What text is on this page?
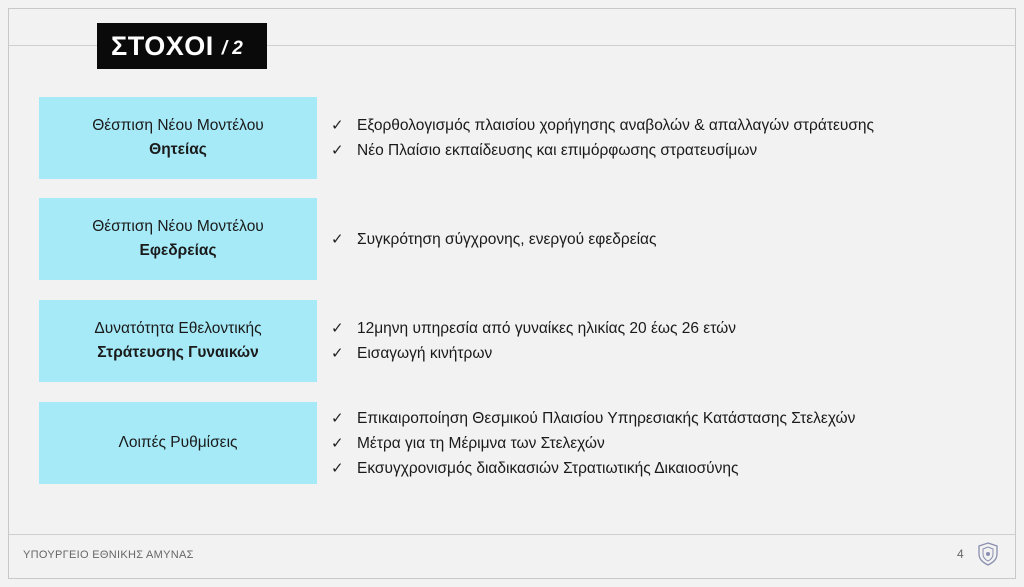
ΣΤΟΧΟΙ / 2
Θέσπιση Νέου Μοντέλου
Θητείας
✓ Εξορθολογισμός πλαισίου χορήγησης αναβολών & απαλλαγών στράτευσης
✓ Νέο Πλαίσιο εκπαίδευσης και επιμόρφωσης στρατευσίμων
Θέσπιση Νέου Μοντέλου
Εφεδρείας
✓ Συγκρότηση σύγχρονης, ενεργού εφεδρείας
Δυνατότητα Εθελοντικής
Στράτευσης Γυναικών
✓ 12μηνη υπηρεσία από γυναίκες ηλικίας 20 έως 26 ετών
✓ Εισαγωγή κινήτρων
Λοιπές Ρυθμίσεις
✓ Επικαιροποίηση Θεσμικού Πλαισίου Υπηρεσιακής Κατάστασης Στελεχών
✓ Μέτρα για τη Μέριμνα των Στελεχών
✓ Εκσυγχρονισμός διαδικασιών Στρατιωτικής Δικαιοσύνης
ΥΠΟΥΡΓΕΙΟ ΕΘΝΙΚΗΣ ΑΜΥΝΑΣ	4
